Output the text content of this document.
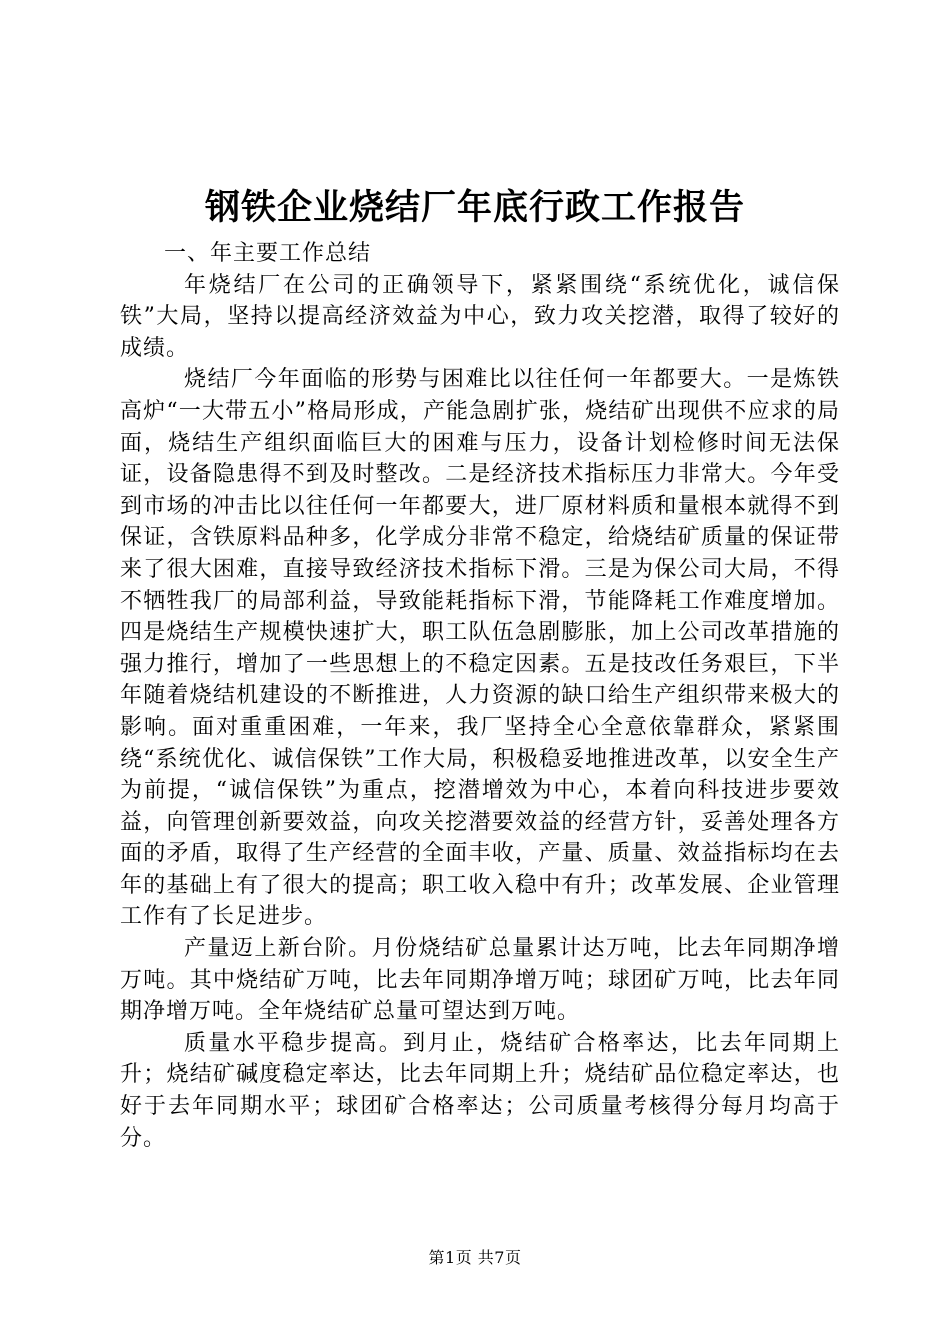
钢铁企业烧结厂年底行政工作报告

一、年主要工作总结

年烧结厂在公司的正确领导下，紧紧围绕“系统优化，诚信保铁”大局，坚持以提高经济效益为中心，致力攻关挖潜，取得了较好的成绩。

烧结厂今年面临的形势与困难比以往任何一年都要大。一是炼铁高炉“一大带五小”格局形成，产能急剧扩张，烧结矿出现供不应求的局面，烧结生产组织面临巨大的困难与压力，设备计划检修时间无法保证，设备隐患得不到及时整改。二是经济技术指标压力非常大。今年受到市场的冲击比以往任何一年都要大，进厂原材料质和量根本就得不到保证，含铁原料品种多，化学成分非常不稳定，给烧结矿质量的保证带来了很大困难，直接导致经济技术指标下滑。三是为保公司大局，不得不牺牲我厂的局部利益，导致能耗指标下滑，节能降耗工作难度增加。四是烧结生产规模快速扩大，职工队伍急剧膨胀，加上公司改革措施的强力推行，增加了一些思想上的不稳定因素。五是技改任务艰巨，下半年随着烧结机建设的不断推进，人力资源的缺口给生产组织带来极大的影响。面对重重困难，一年来，我厂坚持全心全意依靠群众，紧紧围绕“系统优化、诚信保铁”工作大局，积极稳妥地推进改革，以安全生产为前提，“诚信保铁”为重点，挖潜增效为中心，本着向科技进步要效益，向管理创新要效益，向攻关挖潜要效益的经营方针，妥善处理各方面的矛盾，取得了生产经营的全面丰收，产量、质量、效益指标均在去年的基础上有了很大的提高；职工收入稳中有升；改革发展、企业管理工作有了长足进步。

产量迈上新台阶。月份烧结矿总量累计达万吨，比去年同期净增万吨。其中烧结矿万吨，比去年同期净增万吨；球团矿万吨，比去年同期净增万吨。全年烧结矿总量可望达到万吨。

质量水平稳步提高。到月止，烧结矿合格率达，比去年同期上升；烧结矿碱度稳定率达，比去年同期上升；烧结矿品位稳定率达，也好于去年同期水平；球团矿合格率达；公司质量考核得分每月均高于分。

第1页 共7页
